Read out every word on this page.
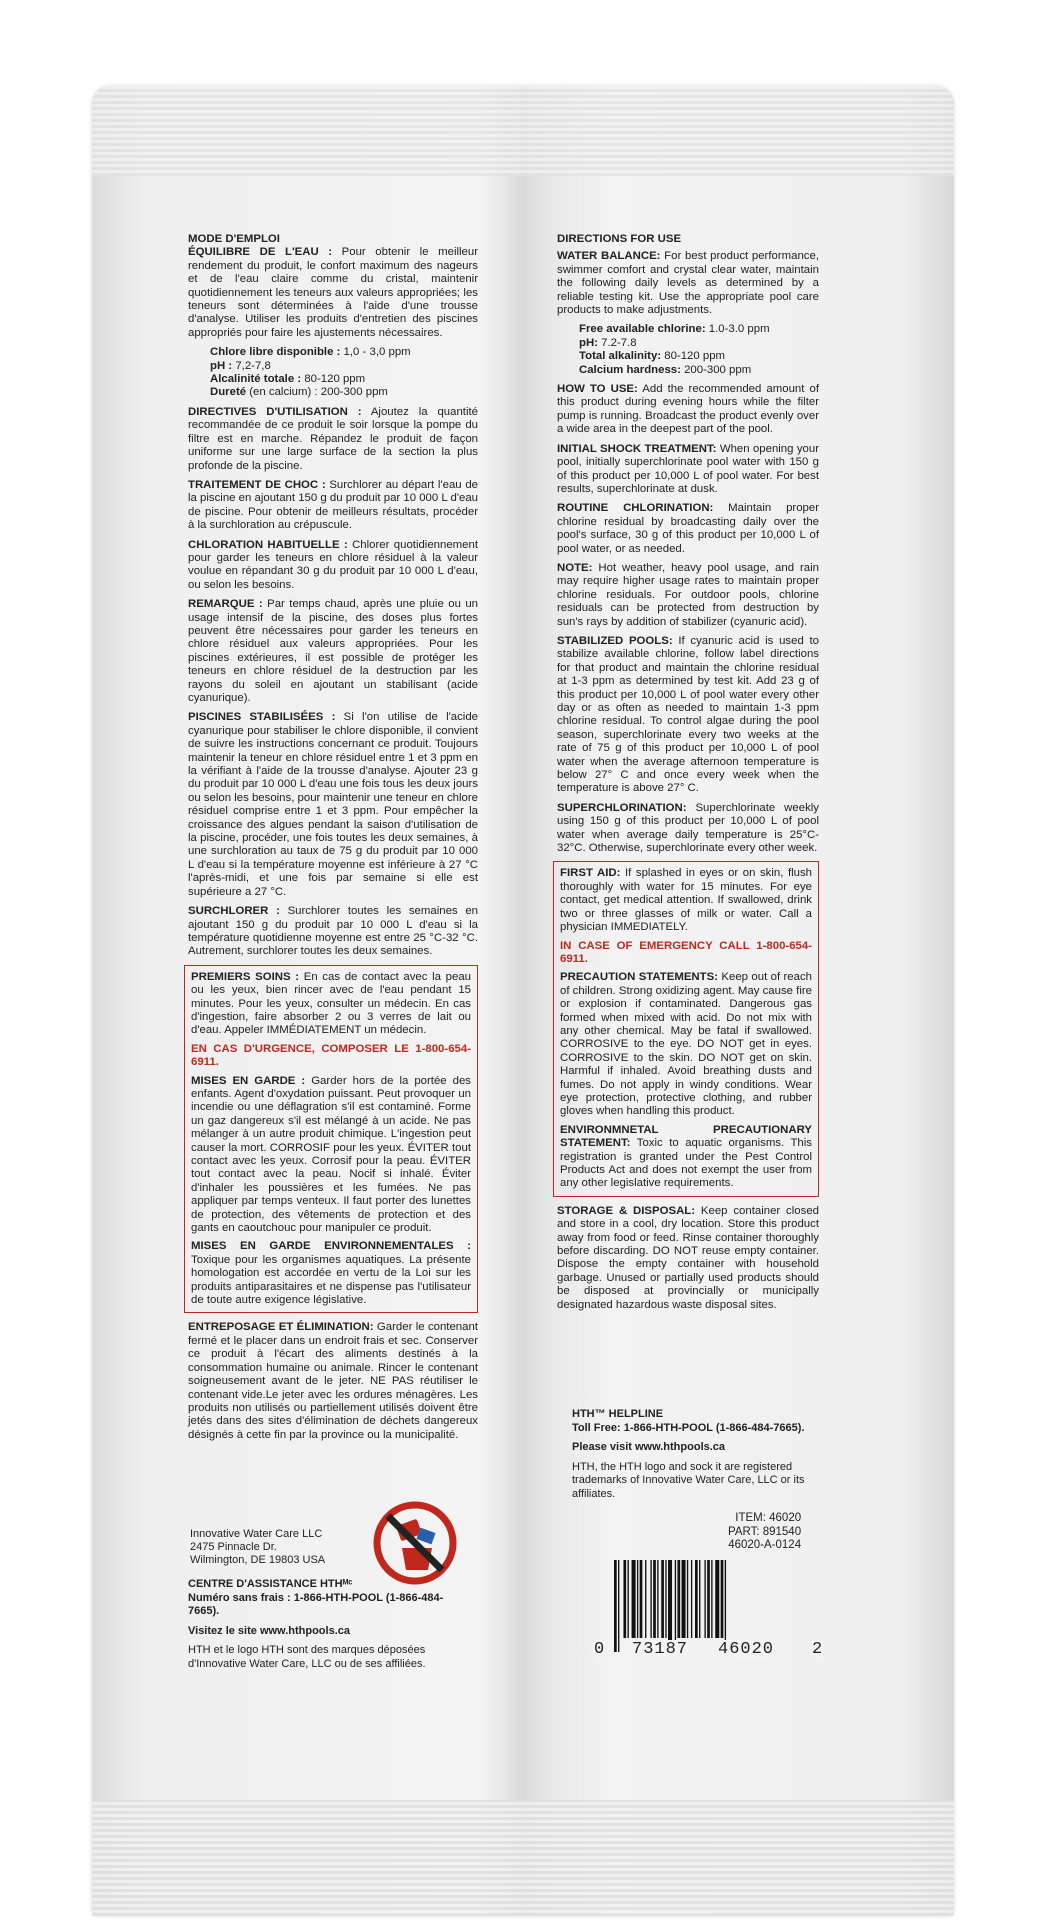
MODE D'EMPLOI

ÉQUILIBRE DE L'EAU : Pour obtenir le meilleur rendement du produit, le confort maximum des nageurs et de l'eau claire comme du cristal, maintenir quotidiennement les teneurs aux valeurs appropriées; les teneurs sont déterminées à l'aide d'une trousse d'analyse. Utiliser les produits d'entretien des piscines appropriés pour faire les ajustements nécessaires.

Chlore libre disponible : 1,0 - 3,0 ppm
pH : 7,2-7,8
Alcalinité totale : 80-120 ppm
Dureté (en calcium) : 200-300 ppm

DIRECTIVES D'UTILISATION : Ajoutez la quantité recommandée de ce produit le soir lorsque la pompe du filtre est en marche. Répandez le produit de façon uniforme sur une large surface de la section la plus profonde de la piscine.

TRAITEMENT DE CHOC : Surchlorer au départ l'eau de la piscine en ajoutant 150 g du produit par 10 000 L d'eau de piscine. Pour obtenir de meilleurs résultats, procéder à la surchloration au crépuscule.

CHLORATION HABITUELLE : Chlorer quotidiennement pour garder les teneurs en chlore résiduel à la valeur voulue en répandant 30 g du produit par 10 000 L d'eau, ou selon les besoins.

REMARQUE : Par temps chaud, après une pluie ou un usage intensif de la piscine, des doses plus fortes peuvent être nécessaires pour garder les teneurs en chlore résiduel aux valeurs appropriées. Pour les piscines extérieures, il est possible de protéger les teneurs en chlore résiduel de la destruction par les rayons du soleil en ajoutant un stabilisant (acide cyanurique).

PISCINES STABILISÉES : Si l'on utilise de l'acide cyanurique pour stabiliser le chlore disponible, il convient de suivre les instructions concernant ce produit. Toujours maintenir la teneur en chlore résiduel entre 1 et 3 ppm en la vérifiant à l'aide de la trousse d'analyse. Ajouter 23 g du produit par 10 000 L d'eau une fois tous les deux jours ou selon les besoins, pour maintenir une teneur en chlore résiduel comprise entre 1 et 3 ppm. Pour empêcher la croissance des algues pendant la saison d'utilisation de la piscine, procéder, une fois toutes les deux semaines, à une surchloration au taux de 75 g du produit par 10 000 L d'eau si la température moyenne est inférieure à 27 °C l'après-midi, et une fois par semaine si elle est supérieure a 27 °C.

SURCHLORER : Surchlorer toutes les semaines en ajoutant 150 g du produit par 10 000 L d'eau si la température quotidienne moyenne est entre 25 °C-32 °C. Autrement, surchlorer toutes les deux semaines.

PREMIERS SOINS : En cas de contact avec la peau ou les yeux, bien rincer avec de l'eau pendant 15 minutes. Pour les yeux, consulter un médecin. En cas d'ingestion, faire absorber 2 ou 3 verres de lait ou d'eau. Appeler IMMÉDIATEMENT un médecin.

EN CAS D'URGENCE, COMPOSER LE 1-800-654-6911.

MISES EN GARDE : Garder hors de la portée des enfants. Agent d'oxydation puissant. Peut provoquer un incendie ou une déflagration s'il est contaminé. Forme un gaz dangereux s'il est mélangé à un acide. Ne pas mélanger à un autre produit chimique. L'ingestion peut causer la mort. CORROSIF pour les yeux. ÉVITER tout contact avec les yeux. Corrosif pour la peau. ÉVITER tout contact avec la peau. Nocif si inhalé. Éviter d'inhaler les poussières et les fumées. Ne pas appliquer par temps venteux. Il faut porter des lunettes de protection, des vêtements de protection et des gants en caoutchouc pour manipuler ce produit.

MISES EN GARDE ENVIRONNEMENTALES : Toxique pour les organismes aquatiques. La présente homologation est accordée en vertu de la Loi sur les produits antiparasitaires et ne dispense pas l'utilisateur de toute autre exigence législative.

ENTREPOSAGE ET ÉLIMINATION: Garder le contenant fermé et le placer dans un endroit frais et sec. Conserver ce produit à l'écart des aliments destinés à la consommation humaine ou animale. Rincer le contenant soigneusement avant de le jeter. NE PAS réutiliser le contenant vide.Le jeter avec les ordures ménagères. Les produits non utilisés ou partiellement utilisés doivent être jetés dans des sites d'élimination de déchets dangereux désignés à cette fin par la province ou la municipalité.

DIRECTIONS FOR USE

WATER BALANCE: For best product performance, swimmer comfort and crystal clear water, maintain the following daily levels as determined by a reliable testing kit. Use the appropriate pool care products to make adjustments.

Free available chlorine: 1.0-3.0 ppm
pH: 7.2-7.8
Total alkalinity: 80-120 ppm
Calcium hardness: 200-300 ppm

HOW TO USE: Add the recommended amount of this product during evening hours while the filter pump is running. Broadcast the product evenly over a wide area in the deepest part of the pool.

INITIAL SHOCK TREATMENT: When opening your pool, initially superchlorinate pool water with 150 g of this product per 10,000 L of pool water. For best results, superchlorinate at dusk.

ROUTINE CHLORINATION: Maintain proper chlorine residual by broadcasting daily over the pool's surface, 30 g of this product per 10,000 L of pool water, or as needed.

NOTE: Hot weather, heavy pool usage, and rain may require higher usage rates to maintain proper chlorine residuals. For outdoor pools, chlorine residuals can be protected from destruction by sun's rays by addition of stabilizer (cyanuric acid).

STABILIZED POOLS: If cyanuric acid is used to stabilize available chlorine, follow label directions for that product and maintain the chlorine residual at 1-3 ppm as determined by test kit. Add 23 g of this product per 10,000 L of pool water every other day or as often as needed to maintain 1-3 ppm chlorine residual. To control algae during the pool season, superchlorinate every two weeks at the rate of 75 g of this product per 10,000 L of pool water when the average afternoon temperature is below 27° C and once every week when the temperature is above 27° C.

SUPERCHLORINATION: Superchlorinate weekly using 150 g of this product per 10,000 L of pool water when average daily temperature is 25°C-32°C. Otherwise, superchlorinate every other week.

FIRST AID: If splashed in eyes or on skin, flush thoroughly with water for 15 minutes. For eye contact, get medical attention. If swallowed, drink two or three glasses of milk or water. Call a physician IMMEDIATELY.

IN CASE OF EMERGENCY CALL 1-800-654-6911.

PRECAUTION STATEMENTS: Keep out of reach of children. Strong oxidizing agent. May cause fire or explosion if contaminated. Dangerous gas formed when mixed with acid. Do not mix with any other chemical. May be fatal if swallowed. CORROSIVE to the eye. DO NOT get in eyes. CORROSIVE to the skin. DO NOT get on skin. Harmful if inhaled. Avoid breathing dusts and fumes. Do not apply in windy conditions. Wear eye protection, protective clothing, and rubber gloves when handling this product.

ENVIRONMNETAL PRECAUTIONARY STATEMENT: Toxic to aquatic organisms. This registration is granted under the Pest Control Products Act and does not exempt the user from any other legislative requirements.

STORAGE & DISPOSAL: Keep container closed and store in a cool, dry location. Store this product away from food or feed. Rinse container thoroughly before discarding. DO NOT reuse empty container. Dispose the empty container with household garbage. Unused or partially used products should be disposed at provincially or municipally designated hazardous waste disposal sites.

HTH™ HELPLINE
Toll Free: 1-866-HTH-POOL (1-866-484-7665).
Please visit www.hthpools.ca
HTH, the HTH logo and sock it are registered trademarks of Innovative Water Care, LLC or its affiliates.
Innovative Water Care LLC
2475 Pinnacle Dr.
Wilmington, DE 19803 USA
CENTRE D'ASSISTANCE HTHᴹᶜ
Numéro sans frais : 1-866-HTH-POOL (1-866-484-7665).
Visitez le site www.hthpools.ca
HTH et le logo HTH sont des marques déposées d'Innovative Water Care, LLC ou de ses affiliées.
ITEM: 46020
PART: 891540
46020-A-0124
0 73187 46020 2
